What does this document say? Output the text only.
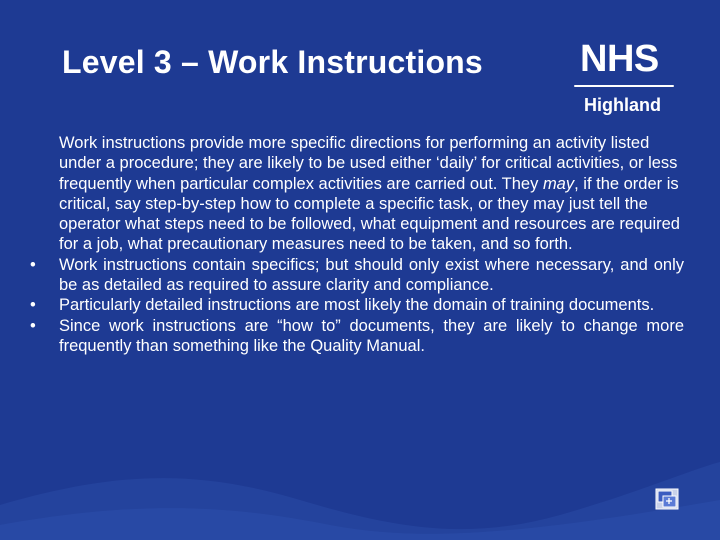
Level 3 – Work Instructions	NHS
Highland

Work instructions provide more specific directions for performing an activity listed under a procedure; they are likely to be used either ‘daily’ for critical activities, or less frequently when particular complex activities are carried out. They may, if the order is critical, say step-by-step how to complete a specific task, or they may just tell the operator what steps need to be followed, what equipment and resources are required for a job, what precautionary measures need to be taken, and so forth.

• Work instructions contain specifics; but should only exist where necessary, and only be as detailed as required to assure clarity and compliance.
• Particularly detailed instructions are most likely the domain of training documents.
• Since work instructions are “how to” documents, they are likely to change more frequently than something like the Quality Manual.
